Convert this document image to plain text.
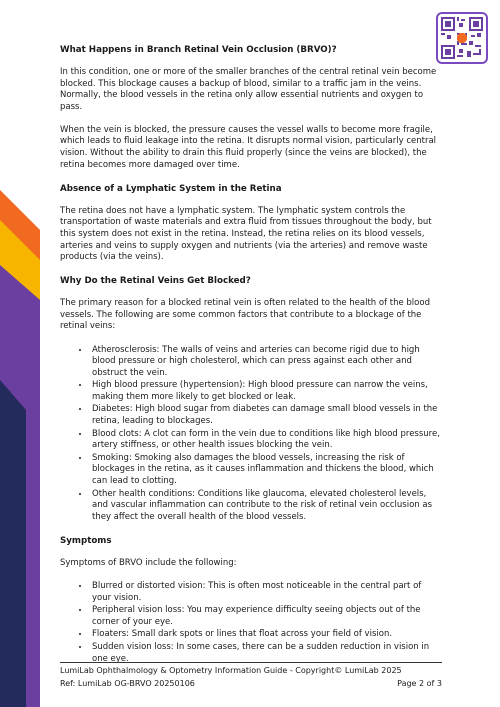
What Happens in Branch Retinal Vein Occlusion (BRVO)?

In this condition, one or more of the smaller branches of the central retinal vein become blocked. This blockage causes a backup of blood, similar to a traffic jam in the veins. Normally, the blood vessels in the retina only allow essential nutrients and oxygen to pass.

When the vein is blocked, the pressure causes the vessel walls to become more fragile, which leads to fluid leakage into the retina. It disrupts normal vision, particularly central vision. Without the ability to drain this fluid properly (since the veins are blocked), the retina becomes more damaged over time.

Absence of a Lymphatic System in the Retina

The retina does not have a lymphatic system. The lymphatic system controls the transportation of waste materials and extra fluid from tissues throughout the body, but this system does not exist in the retina. Instead, the retina relies on its blood vessels, arteries and veins to supply oxygen and nutrients (via the arteries) and remove waste products (via the veins).

Why Do the Retinal Veins Get Blocked?

The primary reason for a blocked retinal vein is often related to the health of the blood vessels. The following are some common factors that contribute to a blockage of the retinal veins:

• Atherosclerosis: The walls of veins and arteries can become rigid due to high blood pressure or high cholesterol, which can press against each other and obstruct the vein.
• High blood pressure (hypertension): High blood pressure can narrow the veins, making them more likely to get blocked or leak.
• Diabetes: High blood sugar from diabetes can damage small blood vessels in the retina, leading to blockages.
• Blood clots: A clot can form in the vein due to conditions like high blood pressure, artery stiffness, or other health issues blocking the vein.
• Smoking: Smoking also damages the blood vessels, increasing the risk of blockages in the retina, as it causes inflammation and thickens the blood, which can lead to clotting.
• Other health conditions: Conditions like glaucoma, elevated cholesterol levels, and vascular inflammation can contribute to the risk of retinal vein occlusion as they affect the overall health of the blood vessels.
Symptoms

Symptoms of BRVO include the following:

• Blurred or distorted vision: This is often most noticeable in the central part of your vision.
• Peripheral vision loss: You may experience difficulty seeing objects out of the corner of your eye.
• Floaters: Small dark spots or lines that float across your field of vision.
• Sudden vision loss: In some cases, there can be a sudden reduction in vision in one eye.
LumiLab Ophthalmology & Optometry Information Guide - Copyright© LumiLab 2025
Ref: LumiLab OG-BRVO 20250106	Page 2 of 3
